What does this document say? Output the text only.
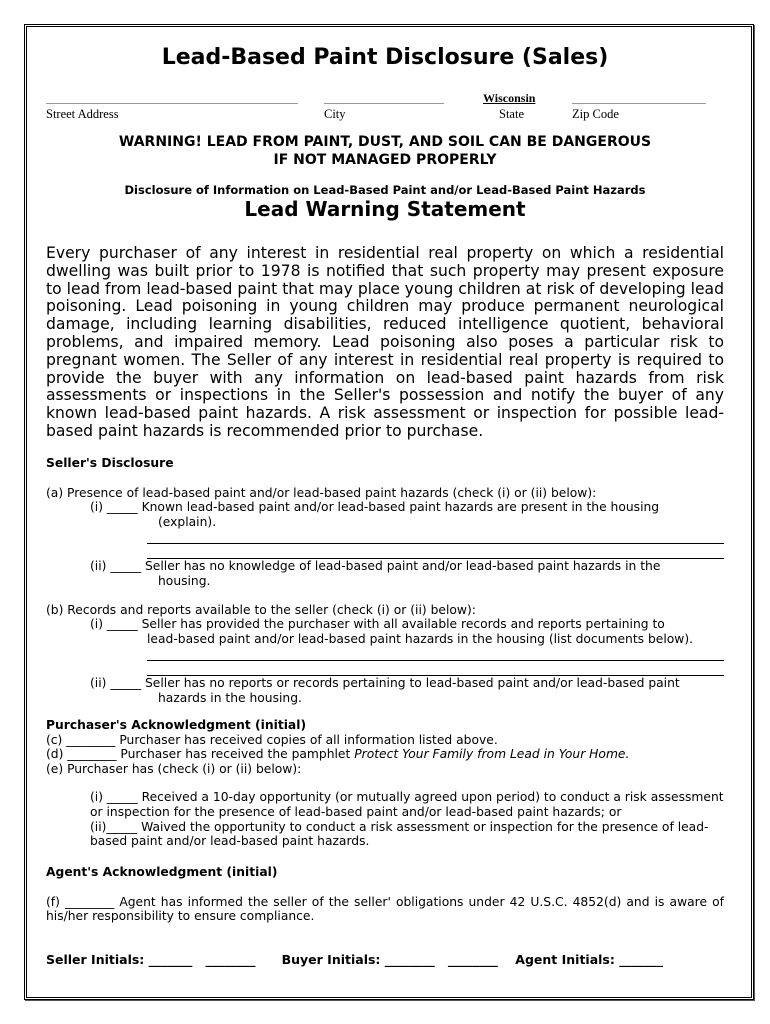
Lead-Based Paint Disclosure (Sales)
Wisconsin
Street Address	City	State	Zip Code
WARNING! LEAD FROM PAINT, DUST, AND SOIL CAN BE DANGEROUS
IF NOT MANAGED PROPERLY
Disclosure of Information on Lead-Based Paint and/or Lead-Based Paint Hazards
Lead Warning Statement
Every purchaser of any interest in residential real property on which a residential dwelling was built prior to 1978 is notified that such property may present exposure to lead from lead-based paint that may place young children at risk of developing lead poisoning. Lead poisoning in young children may produce permanent neurological damage, including learning disabilities, reduced intelligence quotient, behavioral problems, and impaired memory. Lead poisoning also poses a particular risk to pregnant women. The Seller of any interest in residential real property is required to provide the buyer with any information on lead-based paint hazards from risk assessments or inspections in the Seller's possession and notify the buyer of any known lead-based paint hazards. A risk assessment or inspection for possible lead-based paint hazards is recommended prior to purchase.
Seller's Disclosure
(a) Presence of lead-based paint and/or lead-based paint hazards (check (i) or (ii) below):
(i) _____ Known lead-based paint and/or lead-based paint hazards are present in the housing
(explain).
(ii) _____ Seller has no knowledge of lead-based paint and/or lead-based paint hazards in the
housing.
(b) Records and reports available to the seller (check (i) or (ii) below):
(i) _____ Seller has provided the purchaser with all available records and reports pertaining to
lead-based paint and/or lead-based paint hazards in the housing (list documents below).
(ii) _____ Seller has no reports or records pertaining to lead-based paint and/or lead-based paint
hazards in the housing.
Purchaser's Acknowledgment (initial)
(c) ________ Purchaser has received copies of all information listed above.
(d) ________ Purchaser has received the pamphlet Protect Your Family from Lead in Your Home.
(e) Purchaser has (check (i) or (ii) below):
(i) _____ Received a 10-day opportunity (or mutually agreed upon period) to conduct a risk assessment or inspection for the presence of lead-based paint and/or lead-based paint hazards; or
(ii)_____ Waived the opportunity to conduct a risk assessment or inspection for the presence of lead-based paint and/or lead-based paint hazards.
Agent's Acknowledgment (initial)
(f) ________ Agent has informed the seller of the seller' obligations under 42 U.S.C. 4852(d) and is aware of his/her responsibility to ensure compliance.
Seller Initials: _______   ________ Buyer Initials: ________   ________ Agent Initials: _______
